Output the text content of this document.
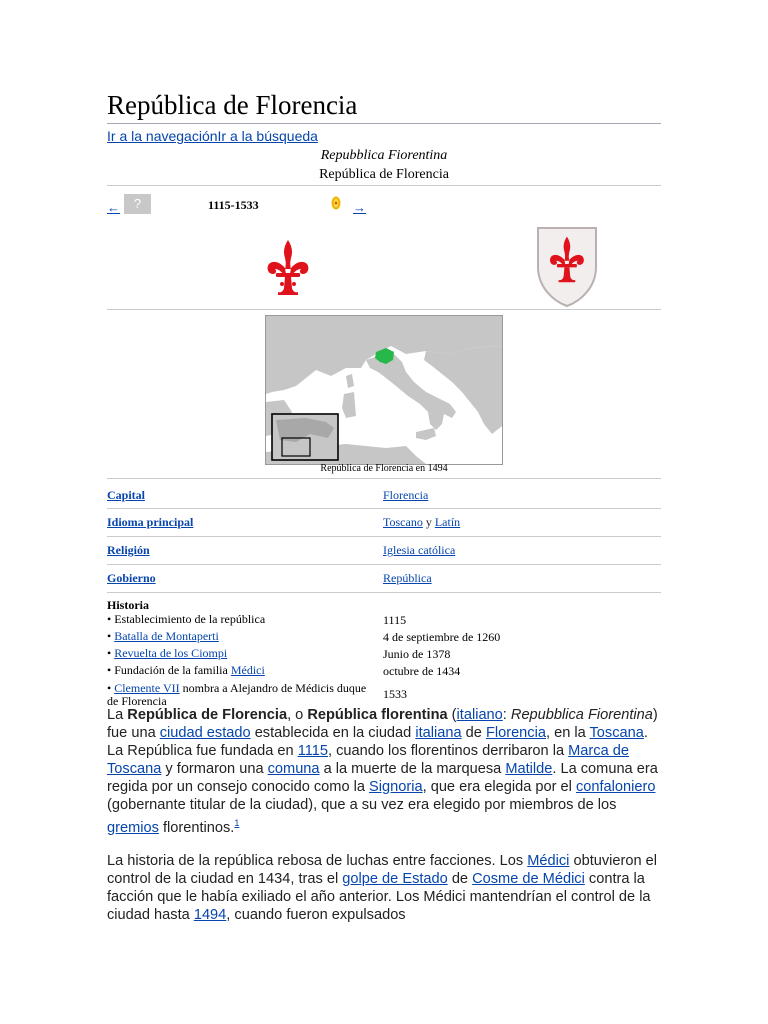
República de Florencia
Ir a la navegaciónIr a la búsqueda
Repubblica Fiorentina
República de Florencia
←	?	1115-1533	→
República de Florencia en 1494
Capital	Florencia
Idioma principal	Toscano y Latín
Religión	Iglesia católica
Gobierno	República
Historia
• Establecimiento de la república	1115
• Batalla de Montaperti	4 de septiembre de 1260
• Revuelta de los Ciompi	Junio de 1378
• Fundación de la familia Médici	octubre de 1434
• Clemente VII nombra a Alejandro de Médicis duque de Florencia	1533

La República de Florencia, o República florentina (italiano: Repubblica Fiorentina) fue una ciudad estado establecida en la ciudad italiana de Florencia, en la Toscana. La República fue fundada en 1115, cuando los florentinos derribaron la Marca de Toscana y formaron una comuna a la muerte de la marquesa Matilde. La comuna era regida por un consejo conocido como la Signoria, que era elegida por el confaloniero (gobernante titular de la ciudad), que a su vez era elegido por miembros de los gremios florentinos.$^1$

La historia de la república rebosa de luchas entre facciones. Los Médici obtuvieron el control de la ciudad en 1434, tras el golpe de Estado de Cosme de Médici contra la facción que le había exiliado el año anterior. Los Médici mantendrían el control de la ciudad hasta 1494, cuando fueron expulsados
